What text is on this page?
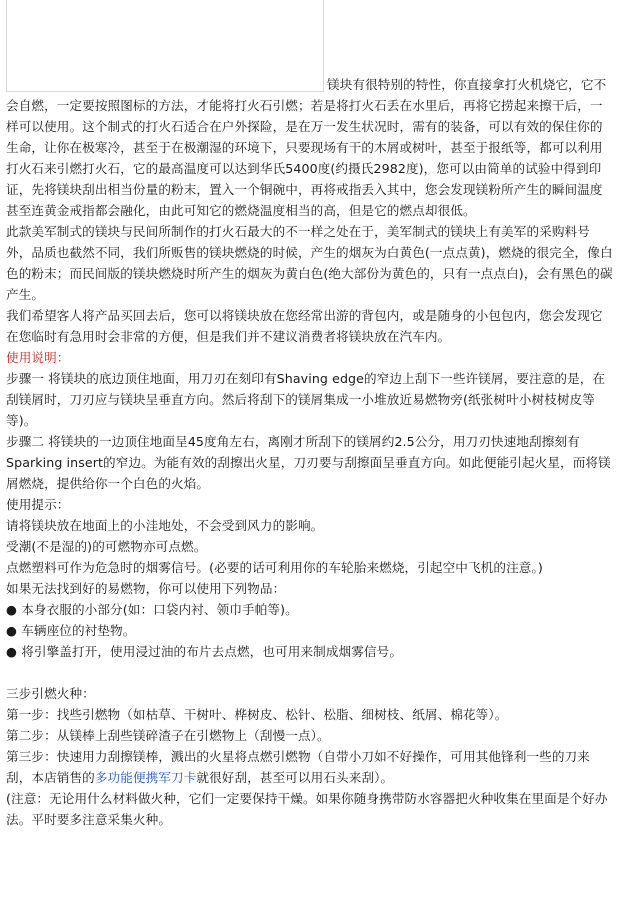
镁块有很特别的特性，你直接拿打火机烧它，它不会自燃，一定要按照图标的方法，才能将打火石引燃；若是将打火石丢在水里后，再将它捞起来擦干后，一样可以使用。这个制式的打火石适合在户外探险，是在万一发生状况时，需有的装备，可以有效的保住你的生命，让你在极寒冷，甚至于在极潮湿的环境下，只要现场有干的木屑或树叶，甚至于报纸等，都可以利用打火石来引燃打火石，它的最高温度可以达到华氏5400度(约摄氏2982度)，您可以由简单的试验中得到印证，先将镁块刮出相当份量的粉末，置入一个铜碗中，再将戒指丢入其中，您会发现镁粉所产生的瞬间温度甚至连黄金戒指都会融化，由此可知它的燃烧温度相当的高，但是它的燃点却很低。

此款美军制式的镁块与民间所制作的打火石最大的不一样之处在于，美军制式的镁块上有美军的采购料号外，品质也截然不同，我们所贩售的镁块燃烧的时候，产生的烟灰为白黄色(一点点黄)，燃烧的很完全，像白色的粉末；而民间版的镁块燃烧时所产生的烟灰为黄白色(绝大部份为黄色的，只有一点点白)，会有黑色的碳产生。

我们希望客人将产品买回去后，您可以将镁块放在您经常出游的背包内，或是随身的小包包内，您会发现它在您临时有急用时会非常的方便，但是我们并不建议消费者将镁块放在汽车内。

使用说明：

步骤一 将镁块的底边顶住地面，用刀刃在刻印有Shaving edge的窄边上刮下一些许镁屑，要注意的是，在刮镁屑时，刀刃应与镁块呈垂直方向。然后将刮下的镁屑集成一小堆放近易燃物旁(纸张树叶小树枝树皮等等)。

步骤二 将镁块的一边顶住地面呈45度角左右，离刚才所刮下的镁屑约2.5公分，用刀刃快速地刮擦刻有Sparking insert的窄边。为能有效的刮擦出火星，刀刃要与刮擦面呈垂直方向。如此便能引起火星，而将镁屑燃烧，提供给你一个白色的火焰。

使用提示：

请将镁块放在地面上的小洼地处，不会受到风力的影响。

受潮(不是湿的)的可燃物亦可点燃。

点燃塑料可作为危急时的烟雾信号。(必要的话可利用你的车轮胎来燃烧，引起空中飞机的注意。)

如果无法找到好的易燃物，你可以使用下列物品：

● 本身衣服的小部分(如：口袋内衬、领巾手帕等)。

● 车辆座位的衬垫物。

● 将引擎盖打开，使用浸过油的布片去点燃，也可用来制成烟雾信号。

三步引燃火种：

第一步：找些引燃物（如枯草、干树叶、桦树皮、松针、松脂、细树枝、纸屑、棉花等）。

第二步：从镁棒上刮些镁碎渣子在引燃物上（刮慢一点）。

第三步：快速用力刮擦镁棒，溅出的火星将点燃引燃物（自带小刀如不好操作，可用其他锋利一些的刀来刮，本店销售的多功能便携军刀卡就很好刮，甚至可以用石头来刮）。

(注意：无论用什么材料做火种，它们一定要保持干燥。如果你随身携带防水容器把火种收集在里面是个好办法。平时要多注意采集火种。
